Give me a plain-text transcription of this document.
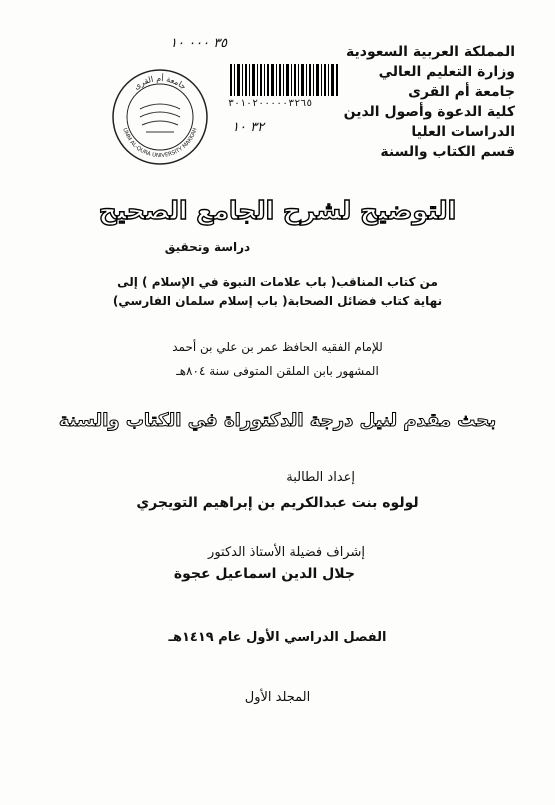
المملكة العربية السعودية
وزارة التعليم العالي
جامعة أم القرى
كلية الدعوة وأصول الدين
الدراسات العليا
قسم الكتاب والسنة
٣٥ ٠٠٠ ١٠
٣٠١٠٢٠٠٠٠٠٣٢٦٥
٣٢ ١٠
جامعة أم القرى
UMM AL-QURA UNIVERSITY MAKKAH
التوضيح لشرح الجامع الصحيح
دراسة وتحقيق
من كتاب المناقب( باب علامات النبوة في الإسلام ) إلى
نهاية كتاب فضائل الصحابة( باب إسلام سلمان الفارسي)
للإمام الفقيه الحافظ عمر بن علي بن أحمد
المشهور بابن الملقن المتوفى سنة ٨٠٤هـ
بحث مقدم لنيل درجة الدكتوراة في الكتاب والسنة
إعداد الطالبة
لولوه بنت عبدالكريم بن إبراهيم التويجري
إشراف فضيلة الأستاذ الدكتور
جلال الدين اسماعيل عجوة
الفصل الدراسي الأول عام ١٤١٩هـ
المجلد الأول
